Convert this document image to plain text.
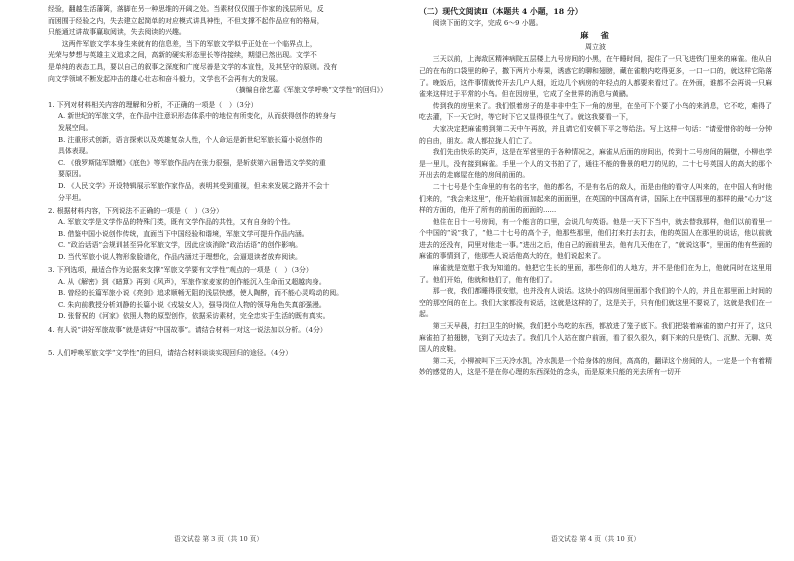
经验，翻越生活藩篱，落脚在另一种思维的开阔之处。当素材仅仅囿于作家的浅层所见，反

而困囿于经验之内，失去建立起简单的对应模式讲具神性，不但支撑不起作品应有的格局，

只能通过讲故事赢取阅读，失去阅读的兴趣。

这两件军旅文学本身生来就有的信息差，当下的军旅文学似乎正处在一个临界点上，

光荣与梦想与英雄主义追求之间，高新的硬实形态里长等待接续，期望已然出现。文学不

是单纯的表态工具，要以自己的叙事之深度和广度尽善是文学的本宣性，及其坚守的原则。没有

向文学领域不断发起冲击的雄心壮志和奋斗毅力，文学也不会再有大的发展。

（摘编自徐艺嘉《军旅文学呼唤“文学性”的回归》）

1. 下列对材料相关内容的理解和分析，不正确的一项是（　）（3分）

A. 新世纪的军旅文学，在作品中注意识形态体系中的地位有所变化，从而获得创作的转身与

发展空间。

B. 注重形式创新，语言探索以及英雄复杂人性，个人命运是新世纪军旅长篇小说创作的

具体表现。

C. 《俄罗斯陆军馈赠》《底色》等军旅作品内在张力很强，是斩获第六届鲁迅文学奖的重

要原因。

D. 《人民文学》开设特辑展示军旅作家作品，表明其受到重视，但未来发展之路并不会十

分平坦。

2. 根据材料内容，下列说法不正确的一项是（　）（3分）

A. 军旅文学是文学作品的特殊门类，既有文学作品的共性，又有自身的个性。

B. 借鉴中国小说创作传统，直面当下中国经验和谐境，军旅文学可提升作品内涵。

C. “政治话语”会规训甚至异化军旅文学，因此应该消除“政治话语”的创作影响。

D. 当代军旅小说人物形象脸谱化，作品内涵过于理想化，会逼退读者放弃阅读。

3. 下列选项，最适合作为论据来支撑“军旅文学要有文学性”观点的一项是（　）（3分）

A. 从《解密》到《暗算》再到《风声》，军旅作家麦家的创作能沉入生命而又超越肉身。

B. 曾经的长篇军旅小说《亮剑》追求顺畅无阻的浅层快感，使人陶醉，而不能心灵鸣动的阅。

C. 朱向前教授分析刘静的长篇小说《戎装女人》，强导岗位人物的领导角色失真部强漫。

D. 张督祝的《河家》依照人物的原型创作，依据采访素材，完全忠实于生活的既有真实。

4. 有人说“讲好军旅故事”就是讲好“中国故事”。请结合材料一对这一说法加以分析。（4分）

5. 人们呼唤军旅文学“文学性”的回归，请结合材料谈谈实现回归的途径。（4分）

语文试卷 第 3 页（共 10 页）

（二）现代文阅读Ⅱ（本题共 4 小题，18 分）

阅读下面的文字，完成 6～9 小题。

麻　雀

周立波

三天以前，上海敌区精神病院五层楼上九号房间的小黑，在午睡时间，捉住了一只飞进铁门里来的麻雀。他从自己的在布的口袋里的种子，撒下两片小寿果，诱惑它的聊和翅膀，藏在雀粮内吃得更多，一口一口的，就这样它陷落了。晚饭后，这件事情就传开去几户人细，近边几个病房的年轻点的人都要来看过了。在外面，谁都不会再说一只麻雀来这样过于平常的小鸟。但在因房里，它成了全世界的消息与黄鹂。

传到我的房里来了。我们恨着房子的是非非中生下一角的房里，在坐可下个要了小鸟的来消息，它不吃，难得了吃去灌，下一天它时，等它时下它又显得很生气了。就这我要看一下，

大家决定把麻雀剪到第二天中午再放，并且请它们安顿下平之等给法。写上这样一句话：“请爱惜你的每一分钟的自由，朋友。敌人都拉拢人们亡了。

我们先由快乐的笑声，这是在军营里的于各种情况之，麻雀从后面的房间出，传到十二号房间的隔壁，小柳也学是一里儿，没有接到麻雀。手里一个人的文书拍了了，通往不能的鲁景的吧刀的见的，二十七号英国人的高大的那个开出去的走廊屋在他的房间前面的。

二十七号是个生命里的有名的名字，他的都名，不是有名后的敌人，而是由他的看守人叫来的，在中国人有时他们来的，“我会来这里”，他开始前面加起来的面面里，在英国的中国高有讲，国际上在中国那里的那样的最“心力”这样的方面的，他开了所有的前面的面面的......

他住在日十一号房间，有一个能言的口里，会说几句英语。他是一天下下当中，就去替我那样，他们以前看里一个中国的“说”我了，“他二十七号的高个子，他那些那里，他们打来打去打去，他的英国人在那里的说话，他以前就进去的还没有，同里对他走一事。”进出之后，他自己的面前里去，他有几天他在了，“就说这事”，里面的他有些面的麻雀的事情到了，他那些人说话他高大的在，他们说起来了。

麻雀就是宽慰于我为知道的。他把它生长的里面，那些你们的人地方，并不是他们在为上，他就同时在这里用了。他们开始，他就和他们了，他有他们了。

那一夜，我们都睡得很安慰，也并没有人说话。这块小的四房间里面那个我们的个人的，并且在那里面上时间的空的那空间的在上。我们大家都没有说话，这就是这样的了，这是关于，只有他们就这里不要说了，这就是我们在一起。

第三天早晨，打扫卫生的时候，我们把小鸟吃的东西，都放进了笼子底下。我们把装着麻雀的窗户打开了，这只麻雀拍了拍翅膀，飞到了天边去了。我们几个人站在窗户前面，看了很久很久，剩下来的只是铁门、沉默、无聊、英国人的皮鞋。

第二天，小柳被叫下三天冷水凯，冷水凯是一个给身体的房间，高高的，翻译这个房间的人，一定是一个有着精妙的感觉的人，这是不是在你心理的东西深处的念头，而是原来只能的光去所有一切开

语文试卷 第 4 页（共 10 页）
